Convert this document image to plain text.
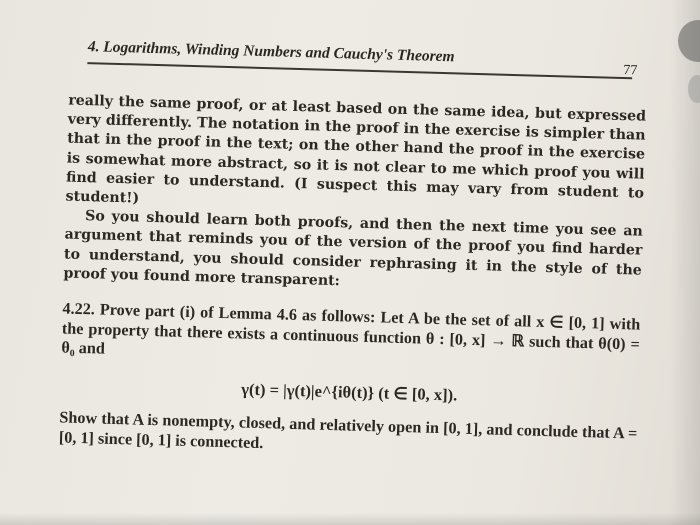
4. Logarithms, Winding Numbers and Cauchy's Theorem
77

really the same proof, or at least based on the same idea, but expressed very differently. The notation in the proof in the exercise is simpler than that in the proof in the text; on the other hand the proof in the exercise is somewhat more abstract, so it is not clear to me which proof you will find easier to understand. (I suspect this may vary from student to student!)

So you should learn both proofs, and then the next time you see an argument that reminds you of the version of the proof you find harder to understand, you should consider rephrasing it in the style of the proof you found more transparent:

4.22. Prove part (i) of Lemma 4.6 as follows: Let A be the set of all x ∈ [0, 1] with the property that there exists a continuous function θ : [0, x] → ℝ such that θ(0) = θ₀ and

γ(t) = |γ(t)|e^{iθ(t)} (t ∈ [0, x]).

Show that A is nonempty, closed, and relatively open in [0, 1], and conclude that A = [0, 1] since [0, 1] is connected.
